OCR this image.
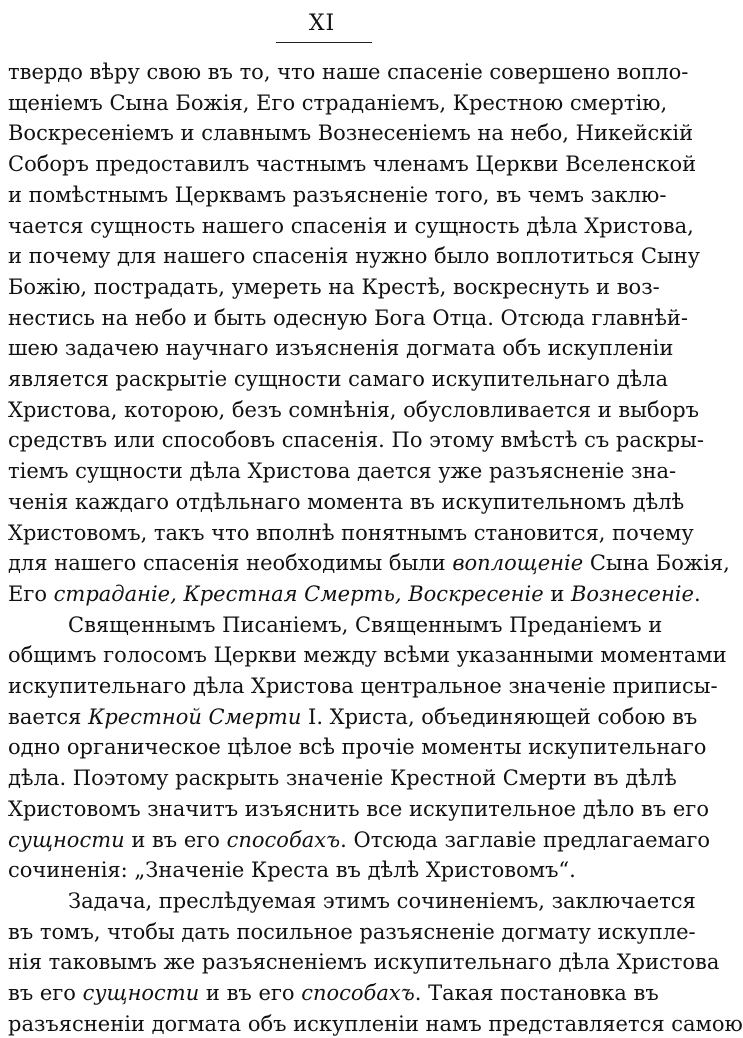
XI
твердо вѣру свою въ то, что наше спасеніе совершено вопло-
щеніемъ Сына Божія, Его страданіемъ, Крестною смертію,
Воскресеніемъ и славнымъ Вознесеніемъ на небо, Никейскій
Соборъ предоставилъ частнымъ членамъ Церкви Вселенской
и помѣстнымъ Церквамъ разъясненіе того, въ чемъ заклю-
чается сущность нашего спасенія и сущность дѣла Христова,
и почему для нашего спасенія нужно было воплотиться Сыну
Божію, пострадать, умереть на Крестѣ, воскреснуть и воз-
нестись на небо и быть одесную Бога Отца. Отсюда главнѣй-
шею задачею научнаго изъясненія догмата объ искупленіи
является раскрытіе сущности самаго искупительнаго дѣла
Христова, которою, безъ сомнѣнія, обусловливается и выборъ
средствъ или способовъ спасенія. По этому вмѣстѣ съ раскры-
тіемъ сущности дѣла Христова дается уже разъясненіе зна-
ченія каждаго отдѣльнаго момента въ искупительномъ дѣлѣ
Христовомъ, такъ что вполнѣ понятнымъ становится, почему
для нашего спасенія необходимы были воплощеніе Сына Божія,
Его страданіе, Крестная Смерть, Воскресеніе и Вознесеніе.
Священнымъ Писаніемъ, Священнымъ Преданіемъ и
общимъ голосомъ Церкви между всѣми указанными моментами
искупительнаго дѣла Христова центральное значеніе приписы-
вается Крестной Смерти І. Христа, объединяющей собою въ
одно органическое цѣлое всѣ прочіе моменты искупительнаго
дѣла. Поэтому раскрыть значеніе Крестной Смерти въ дѣлѣ
Христовомъ значитъ изъяснить все искупительное дѣло въ его
сущности и въ его способахъ. Отсюда заглавіе предлагаемаго
сочиненія: „Значеніе Креста въ дѣлѣ Христовомъ“.
Задача, преслѣдуемая этимъ сочиненіемъ, заключается
въ томъ, чтобы дать посильное разъясненіе догмату искупле-
нія таковымъ же разъясненіемъ искупительнаго дѣла Христова
въ его сущности и въ его способахъ. Такая постановка въ
разъясненіи догмата объ искупленіи намъ представляется самою
